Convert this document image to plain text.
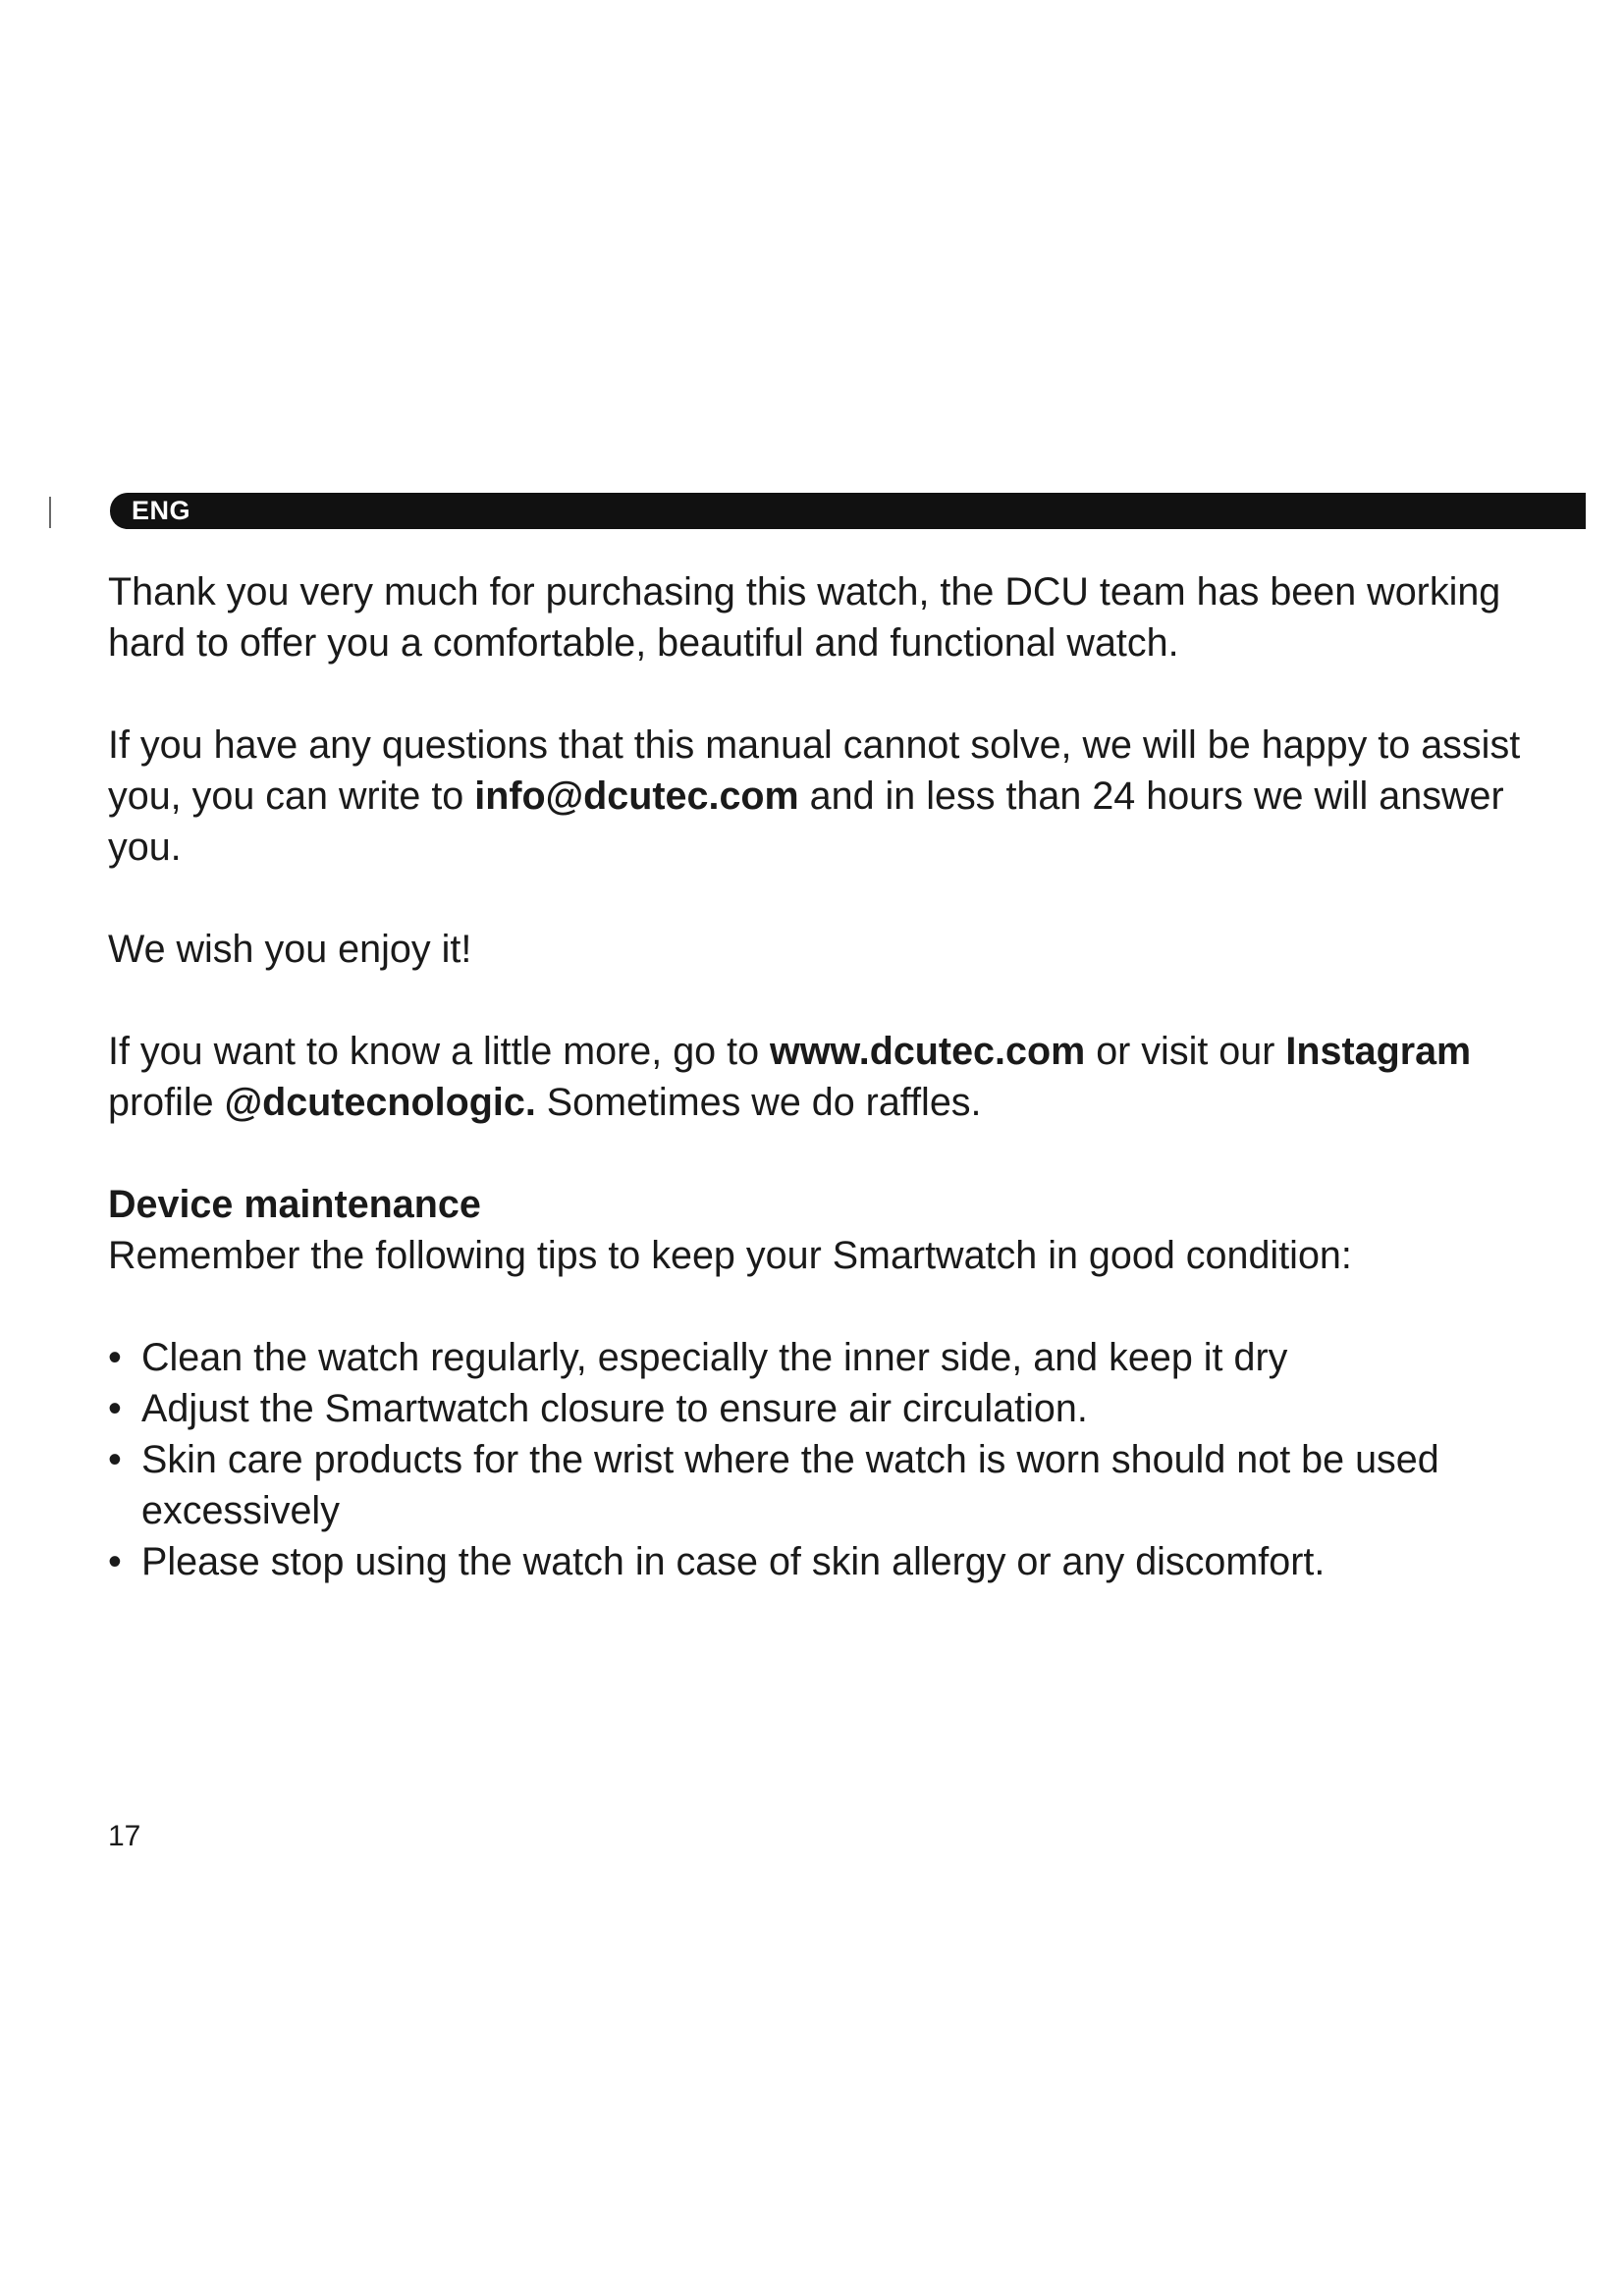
ENG

Thank you very much for purchasing this watch, the DCU team has been working hard to offer you a comfortable, beautiful and functional watch.

If you have any questions that this manual cannot solve, we will be happy to assist you, you can write to info@dcutec.com and in less than 24 hours we will answer you.

We wish you enjoy it!

If you want to know a little more, go to www.dcutec.com or visit our Instagram profile @dcutecnologic. Sometimes we do raffles.

Device maintenance
Remember the following tips to keep your Smartwatch in good condition:
• Clean the watch regularly, especially the inner side, and keep it dry
• Adjust the Smartwatch closure to ensure air circulation.
• Skin care products for the wrist where the watch is worn should not be used excessively
• Please stop using the watch in case of skin allergy or any discomfort.
17
